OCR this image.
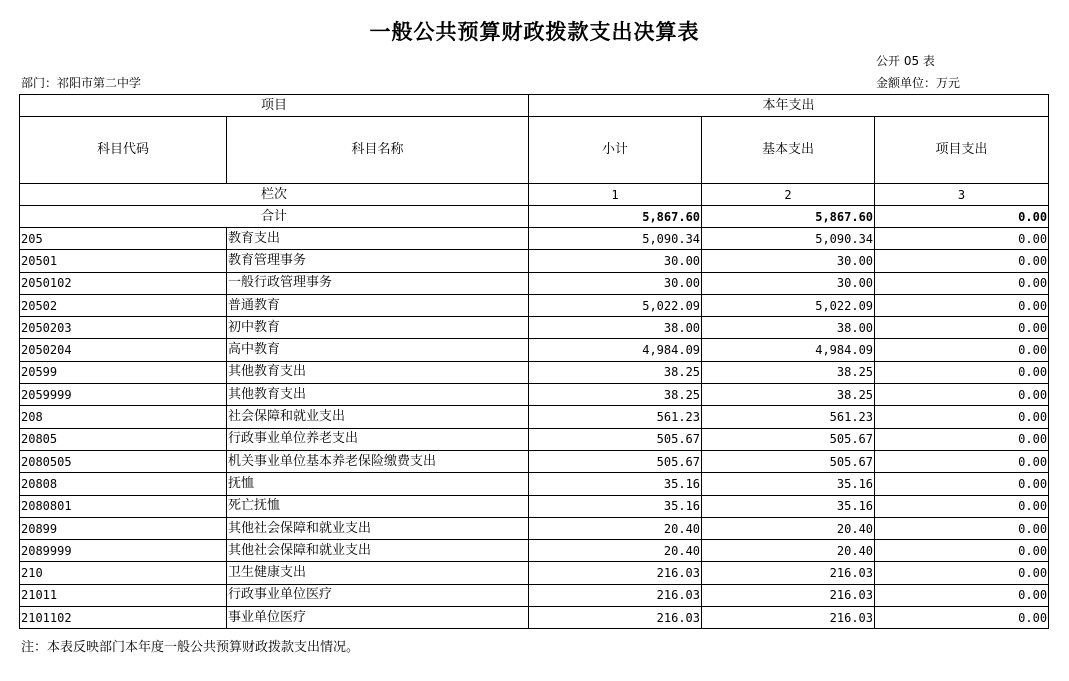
一般公共预算财政拨款支出决算表
公开 05 表
部门：祁阳市第二中学	金额单位：万元
项目		本年支出		
科目代码	科目名称	小计	基本支出	项目支出
栏次		1	2	3
合计		5,867.60	5,867.60	0.00
205	教育支出	5,090.34	5,090.34	0.00
20501	教育管理事务	30.00	30.00	0.00
2050102	一般行政管理事务	30.00	30.00	0.00
20502	普通教育	5,022.09	5,022.09	0.00
2050203	初中教育	38.00	38.00	0.00
2050204	高中教育	4,984.09	4,984.09	0.00
20599	其他教育支出	38.25	38.25	0.00
2059999	其他教育支出	38.25	38.25	0.00
208	社会保障和就业支出	561.23	561.23	0.00
20805	行政事业单位养老支出	505.67	505.67	0.00
2080505	机关事业单位基本养老保险缴费支出	505.67	505.67	0.00
20808	抚恤	35.16	35.16	0.00
2080801	死亡抚恤	35.16	35.16	0.00
20899	其他社会保障和就业支出	20.40	20.40	0.00
2089999	其他社会保障和就业支出	20.40	20.40	0.00
210	卫生健康支出	216.03	216.03	0.00
21011	行政事业单位医疗	216.03	216.03	0.00
2101102	事业单位医疗	216.03	216.03	0.00
注：本表反映部门本年度一般公共预算财政拨款支出情况。
